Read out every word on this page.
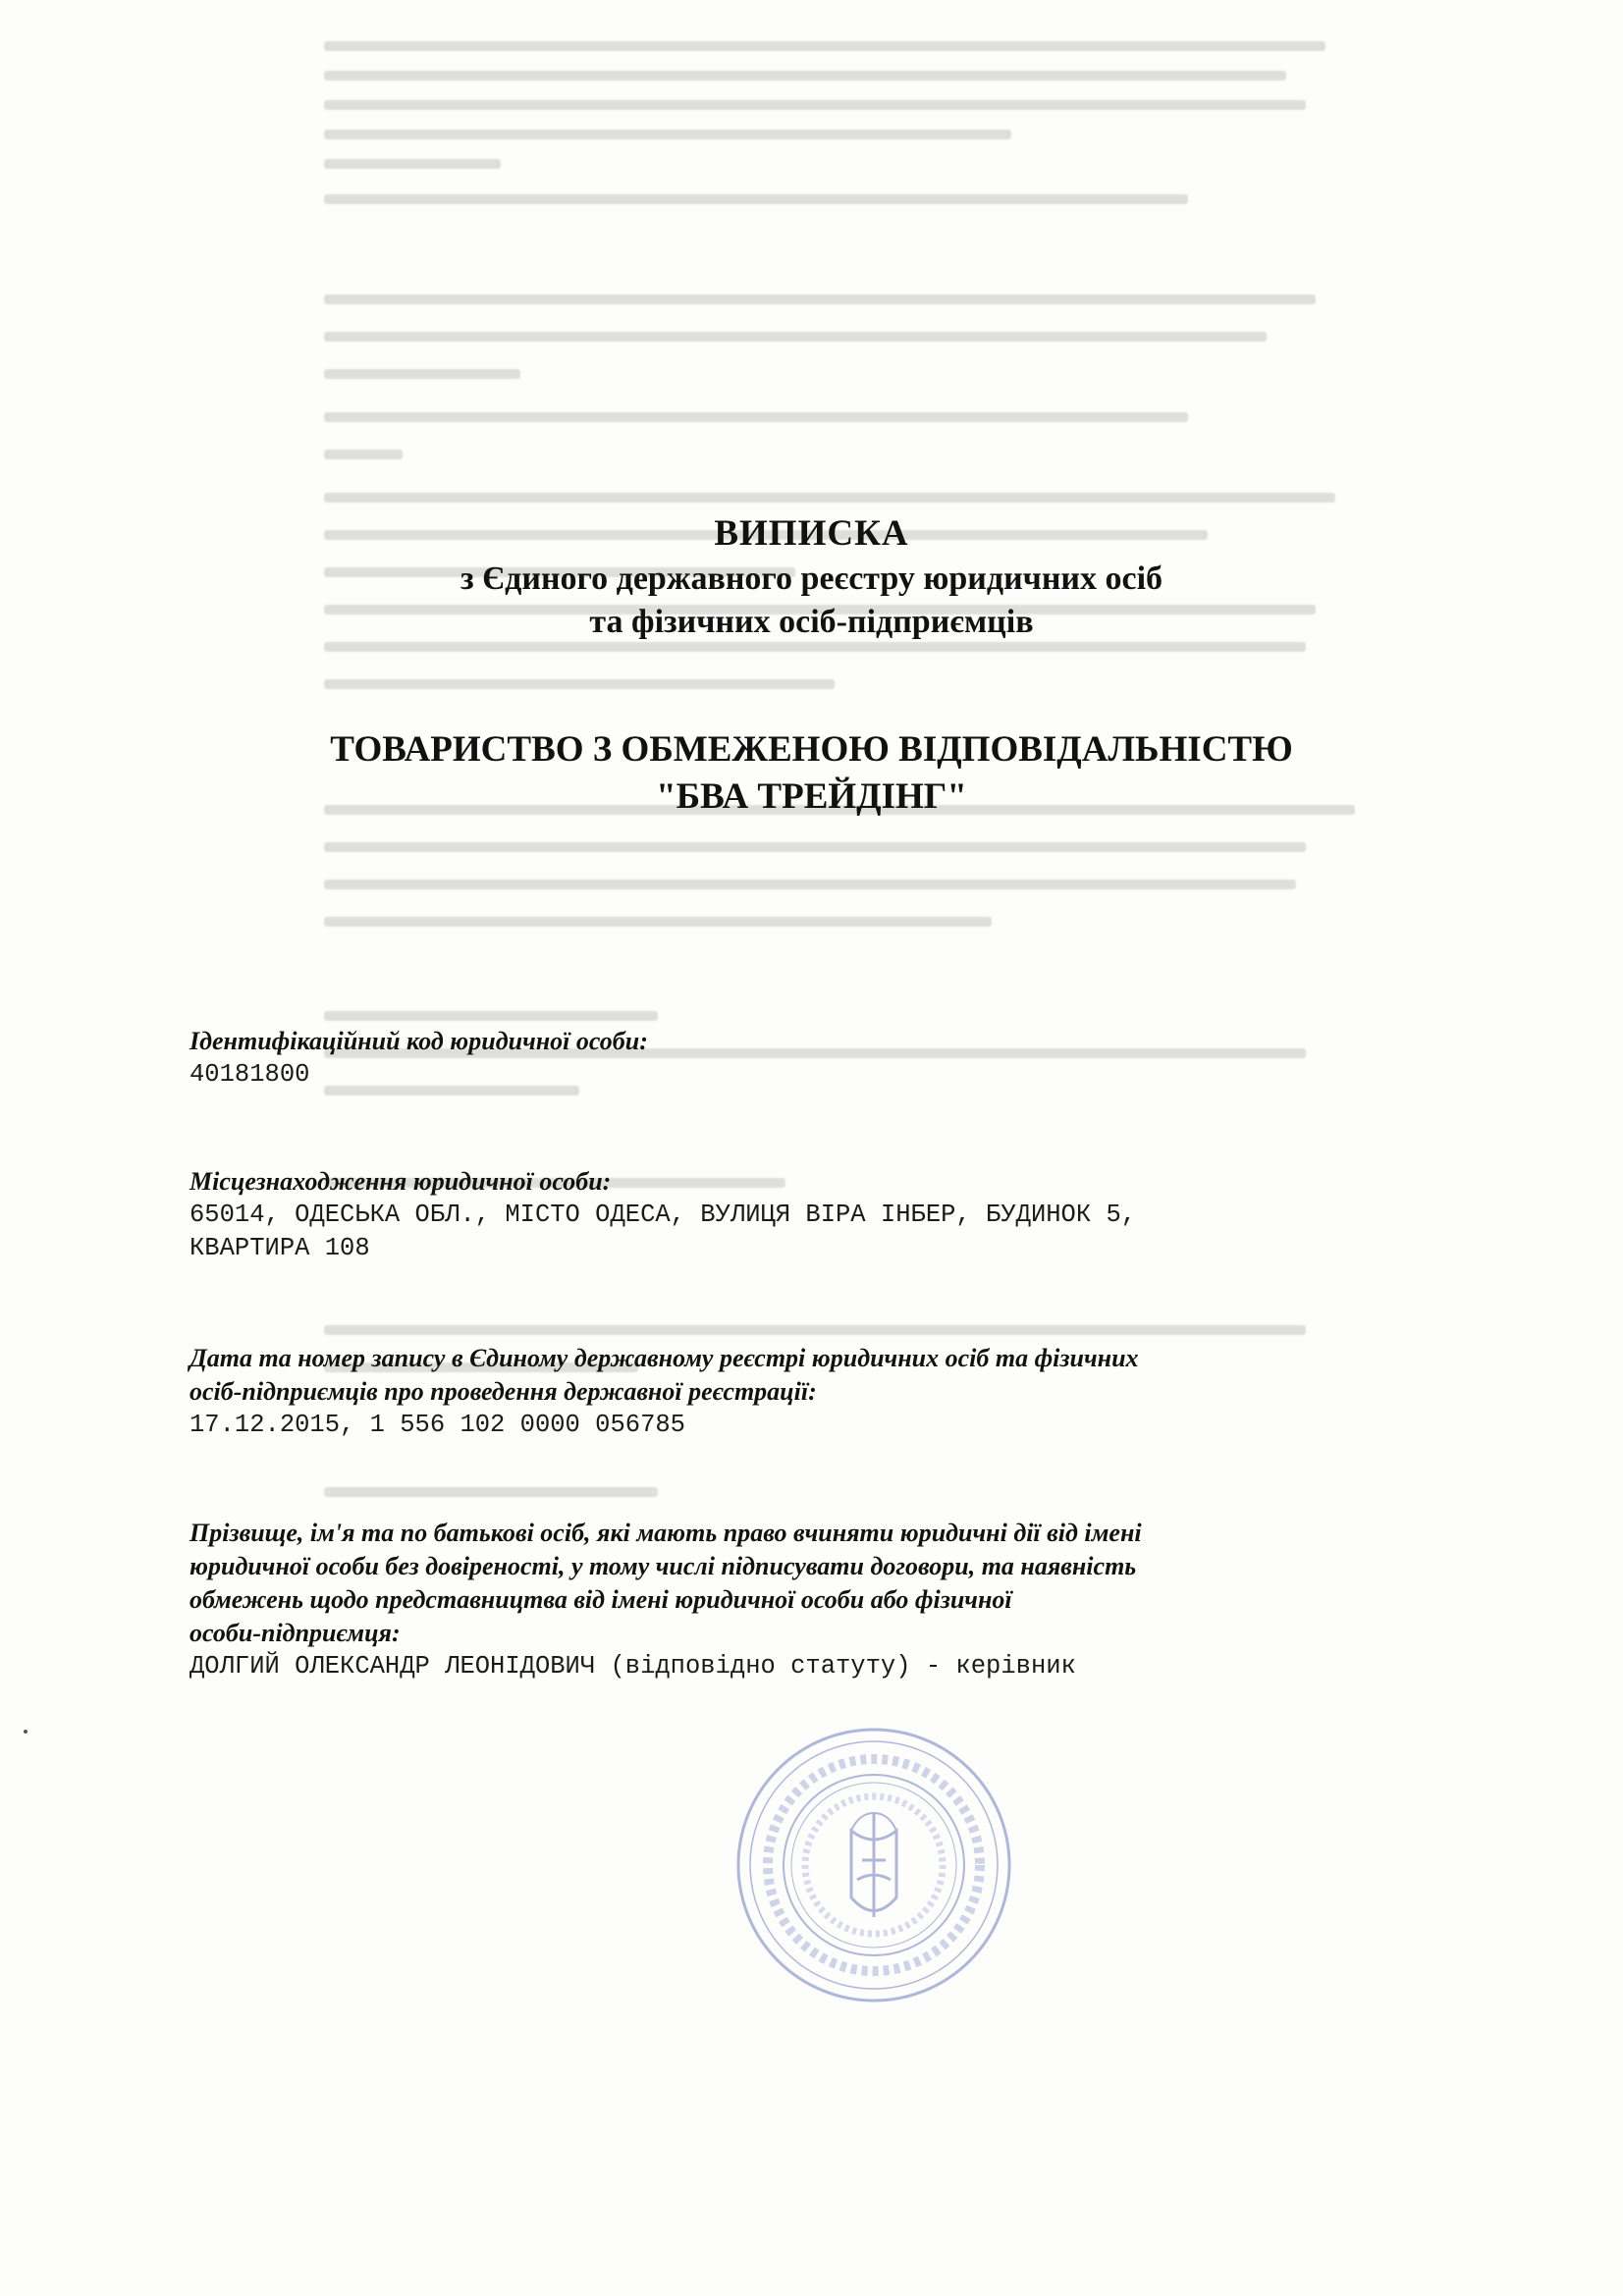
ВИПИСКА
з Єдиного державного реєстру юридичних осіб
та фізичних осіб-підприємців
ТОВАРИСТВО З ОБМЕЖЕНОЮ ВІДПОВІДАЛЬНІСТЮ
"БВА ТРЕЙДІНГ"
Ідентифікаційний код юридичної особи:
40181800
Місцезнаходження юридичної особи:
65014, ОДЕСЬКА ОБЛ., МІСТО ОДЕСА, ВУЛИЦЯ ВІРА ІНБЕР, БУДИНОК 5,
КВАРТИРА 108
Дата та номер запису в Єдиному державному реєстрі юридичних осіб та фізичних
осіб-підприємців про проведення державної реєстрації:
17.12.2015, 1 556 102 0000 056785
Прізвище, ім'я та по батькові осіб, які мають право вчиняти юридичні дії від імені
юридичної особи без довіреності, у тому числі підписувати договори, та наявність
обмежень щодо представництва від імені юридичної особи або фізичної
особи-підприємця:
ДОЛГИЙ ОЛЕКСАНДР ЛЕОНІДОВИЧ (відповідно статуту) - керівник
